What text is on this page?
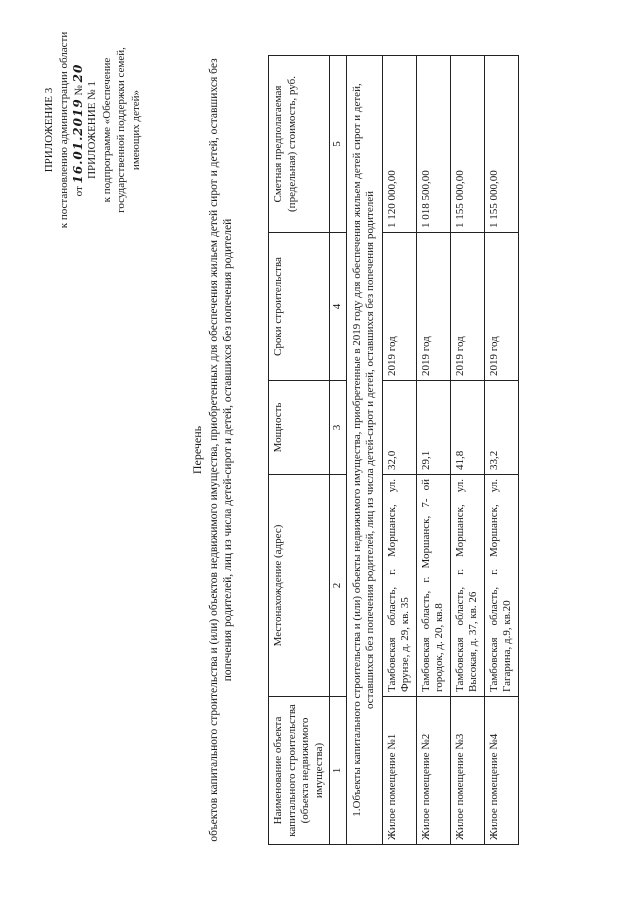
ПРИЛОЖЕНИЕ 3 к постановлению администрации области от 16.01.2019 № 20
ПРИЛОЖЕНИЕ № 1 к подпрограмме «Обеспечение государственной поддержки семей, имеющих детей»
Перечень объектов капитального строительства и (или) объектов недвижимого имущества, приобретенных для обеспечения жильем детей сирот и детей, оставшихся без попечения родителей, лиц из числа детей-сирот и детей, оставшихся без попечения родителей
Наименование объекта капитального строительства (объекта недвижимого имущества)	Местонахождение (адрес)	Мощность	Сроки строительства	Сметная предполагаемая (предельная) стоимость, руб.
1	2	3	4	5
1.Объекты капитального строительства и (или) объекты недвижимого имущества, приобретенные в 2019 году для обеспечения жильем детей сирот и детей, оставшихся без попечения родителей, лиц из числа детей-сирот и детей, оставшихся без попечения родителей				
Жилое помещение №1	Тамбовская область, г. Моршанск, ул. Фрунзе, д. 29, кв. 35	32,0	2019 год	1 120 000,00
Жилое помещение №2	Тамбовская область, г. Моршанск, 7- ой городок, д. 20, кв.8	29,1	2019 год	1 018 500,00
Жилое помещение №3	Тамбовская область, г. Моршанск, ул. Высокая, д. 37, кв. 26	41,8	2019 год	1 155 000,00
Жилое помещение №4	Тамбовская область, г. Моршанск, ул. Гагарина, д.9, кв.20	33,2	2019 год	1 155 000,00
